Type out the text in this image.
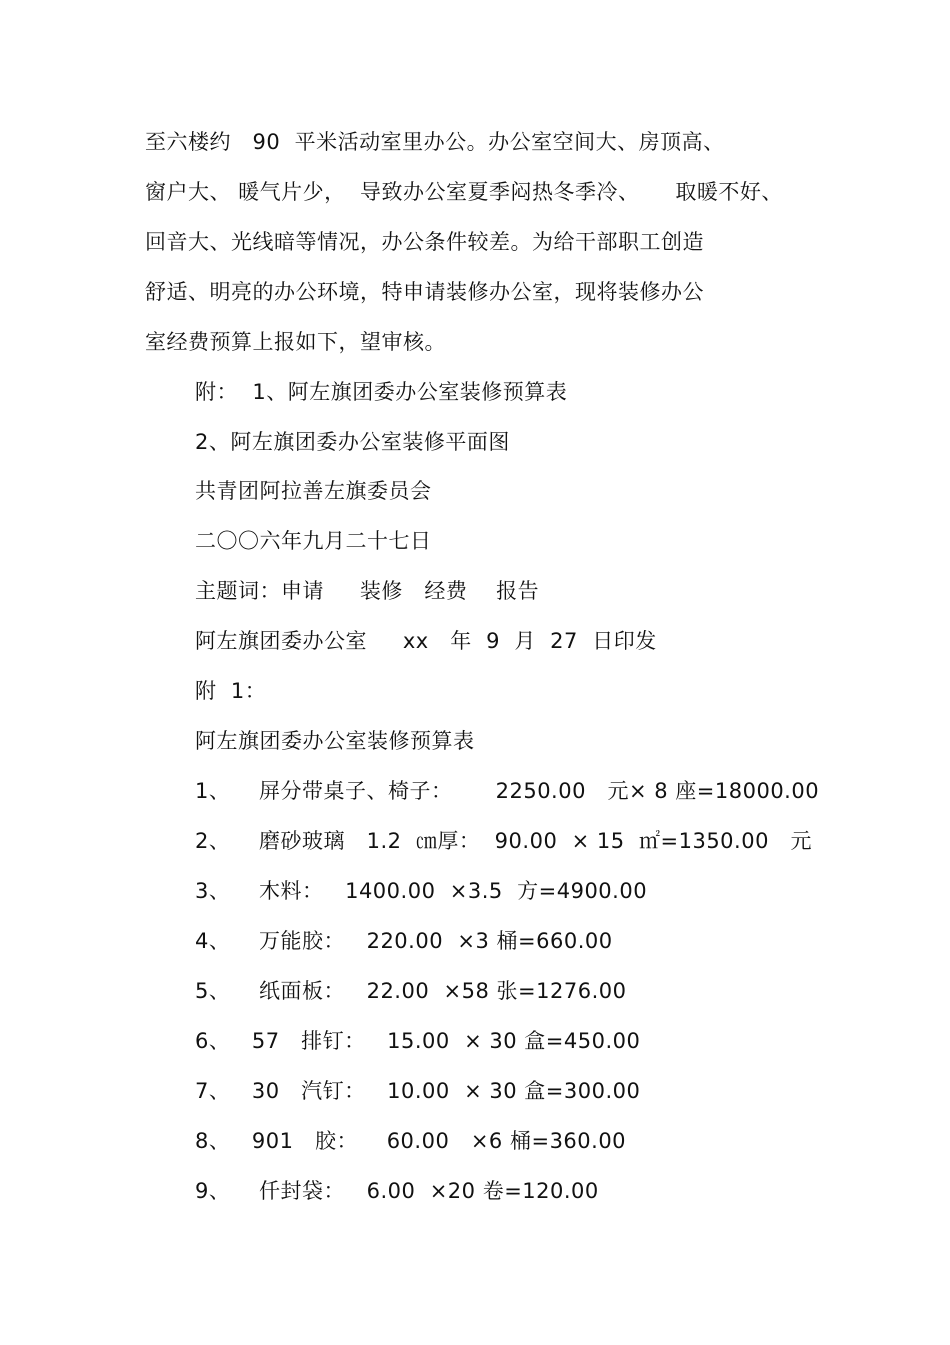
至六楼约   90  平米活动室里办公。办公室空间大、房顶高、
窗户大、 暖气片少，  导致办公室夏季闷热冬季冷、     取暖不好、
回音大、光线暗等情况，办公条件较差。为给干部职工创造
舒适、明亮的办公环境，特申请装修办公室，现将装修办公
室经费预算上报如下，望审核。
附：  1、阿左旗团委办公室装修预算表
2、阿左旗团委办公室装修平面图
共青团阿拉善左旗委员会
二〇〇六年九月二十七日
主题词：申请     装修   经费    报告
阿左旗团委办公室     xx   年  9  月  27  日印发
附  1：
阿左旗团委办公室装修预算表
1、    屏分带桌子、椅子：      2250.00   元× 8 座=18000.00
2、    磨砂玻璃   1.2  ㎝厚：  90.00  × 15  ㎡=1350.00   元
3、    木料：   1400.00  ×3.5  方=4900.00
4、    万能胶：   220.00  ×3 桶=660.00
5、    纸面板：   22.00  ×58 张=1276.00
6、   57   排钉：   15.00  × 30 盒=450.00
7、   30   汽钉：   10.00  × 30 盒=300.00
8、   901   胶：    60.00   ×6 桶=360.00
9、    仟封袋：   6.00  ×20 卷=120.00
